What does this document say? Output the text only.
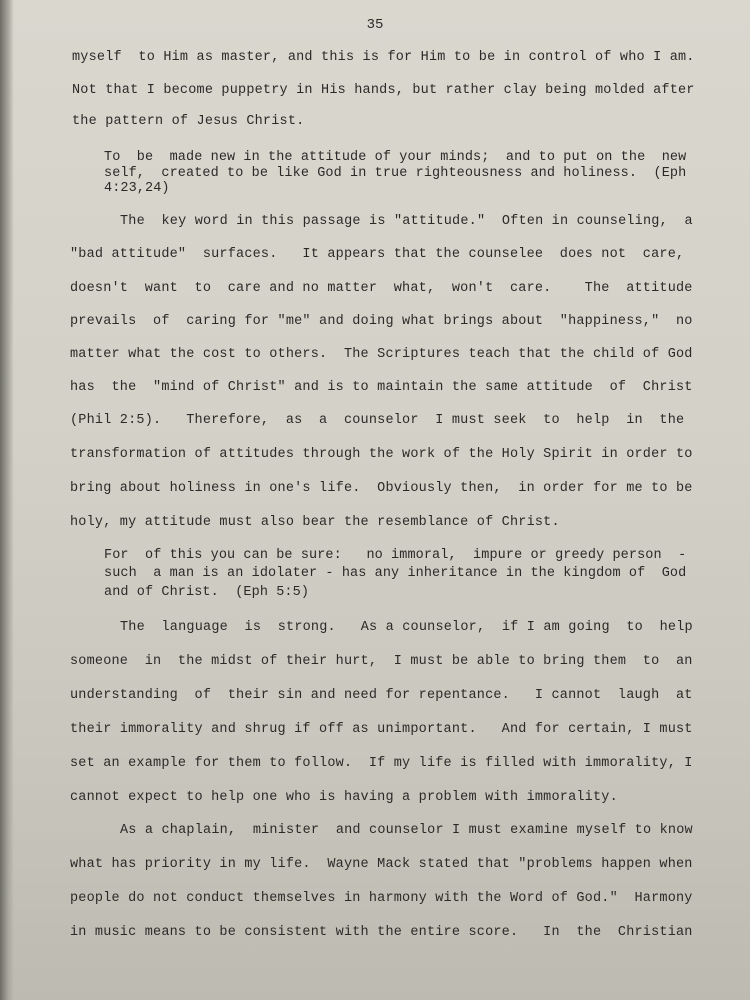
35
myself  to Him as master, and this is for Him to be in control of who I am.
Not that I become puppetry in His hands, but rather clay being molded after
the pattern of Jesus Christ.
To  be  made new in the attitude of your minds;  and to put on the  new
self,  created to be like God in true righteousness and holiness.  (Eph
4:23,24)
The  key word in this passage is "attitude."  Often in counseling,  a
"bad attitude"  surfaces.   It appears that the counselee  does not  care,
doesn't  want  to  care and no matter  what,  won't  care.    The  attitude
prevails  of  caring for "me" and doing what brings about  "happiness,"  no
matter what the cost to others.  The Scriptures teach that the child of God
has  the  "mind of Christ" and is to maintain the same attitude  of  Christ
(Phil 2:5).   Therefore,  as  a  counselor  I must seek  to  help  in  the
transformation of attitudes through the work of the Holy Spirit in order to
bring about holiness in one's life.  Obviously then,  in order for me to be
holy, my attitude must also bear the resemblance of Christ.
For  of this you can be sure:   no immoral,  impure or greedy person  -
such  a man is an idolater - has any inheritance in the kingdom of  God
and of Christ.  (Eph 5:5)
The  language  is  strong.   As a counselor,  if I am going  to  help
someone  in  the midst of their hurt,  I must be able to bring them  to  an
understanding  of  their sin and need for repentance.   I cannot  laugh  at
their immorality and shrug if off as unimportant.   And for certain, I must
set an example for them to follow.  If my life is filled with immorality, I
cannot expect to help one who is having a problem with immorality.
As a chaplain,  minister  and counselor I must examine myself to know
what has priority in my life.  Wayne Mack stated that "problems happen when
people do not conduct themselves in harmony with the Word of God."  Harmony
in music means to be consistent with the entire score.   In  the  Christian
